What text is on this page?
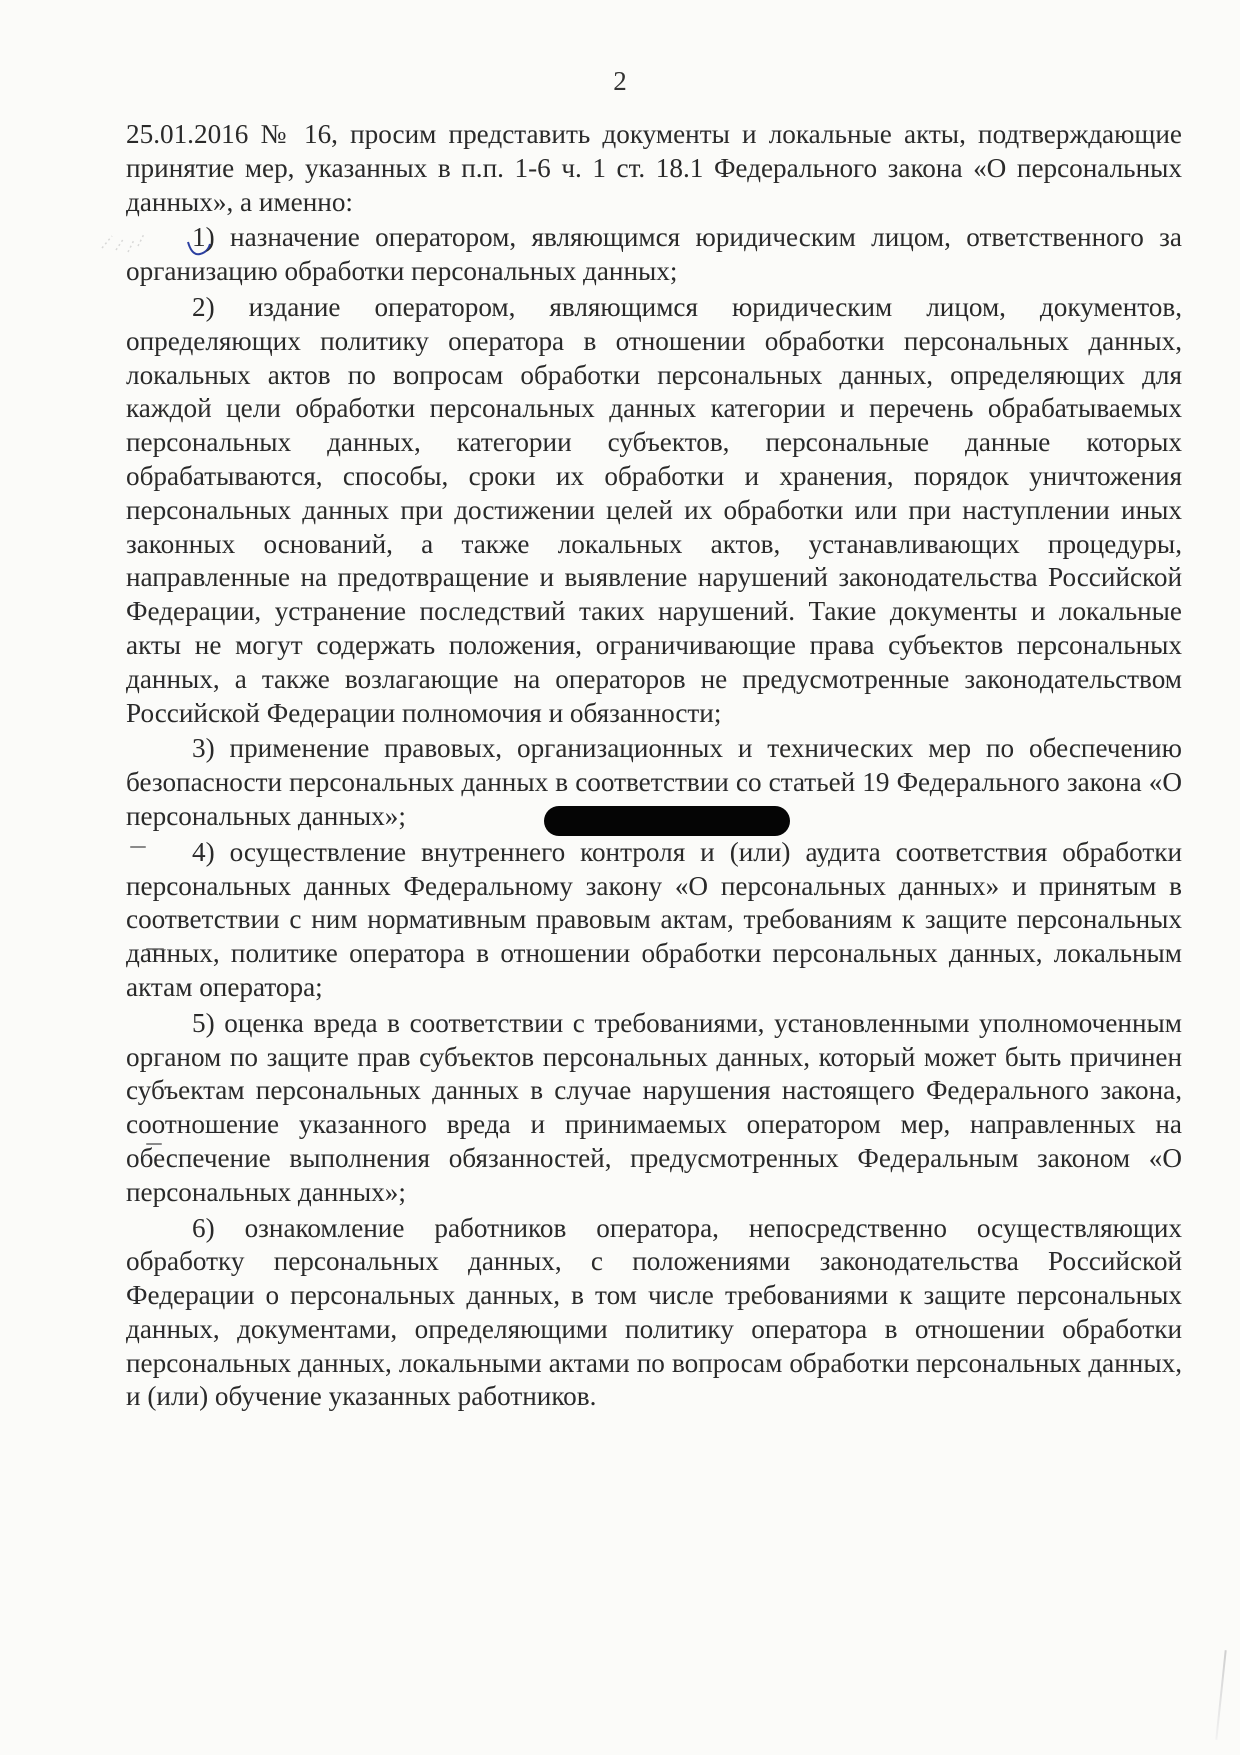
2

25.01.2016 № 16, просим представить документы и локальные акты, подтверждающие принятие мер, указанных в п.п. 1-6 ч. 1 ст. 18.1 Федерального закона «О персональных данных», а именно:

1) назначение оператором, являющимся юридическим лицом, ответственного за организацию обработки персональных данных;

2) издание оператором, являющимся юридическим лицом, документов, определяющих политику оператора в отношении обработки персональных данных, локальных актов по вопросам обработки персональных данных, определяющих для каждой цели обработки персональных данных категории и перечень обрабатываемых персональных данных, категории субъектов, персональные данные которых обрабатываются, способы, сроки их обработки и хранения, порядок уничтожения персональных данных при достижении целей их обработки или при наступлении иных законных оснований, а также локальных актов, устанавливающих процедуры, направленные на предотвращение и выявление нарушений законодательства Российской Федерации, устранение последствий таких нарушений. Такие документы и локальные акты не могут содержать положения, ограничивающие права субъектов персональных данных, а также возлагающие на операторов не предусмотренные законодательством Российской Федерации полномочия и обязанности;

3) применение правовых, организационных и технических мер по обеспечению безопасности персональных данных в соответствии со статьей 19 Федерального закона «О персональных данных»;

4) осуществление внутреннего контроля и (или) аудита соответствия обработки персональных данных Федеральному закону «О персональных данных» и принятым в соответствии с ним нормативным правовым актам, требованиям к защите персональных данных, политике оператора в отношении обработки персональных данных, локальным актам оператора;

5) оценка вреда в соответствии с требованиями, установленными уполномоченным органом по защите прав субъектов персональных данных, который может быть причинен субъектам персональных данных в случае нарушения настоящего Федерального закона, соотношение указанного вреда и принимаемых оператором мер, направленных на обеспечение выполнения обязанностей, предусмотренных Федеральным законом «О персональных данных»;

6) ознакомление работников оператора, непосредственно осуществляющих обработку персональных данных, с положениями законодательства Российской Федерации о персональных данных, в том числе требованиями к защите персональных данных, документами, определяющими политику оператора в отношении обработки персональных данных, локальными актами по вопросам обработки персональных данных, и (или) обучение указанных работников.
